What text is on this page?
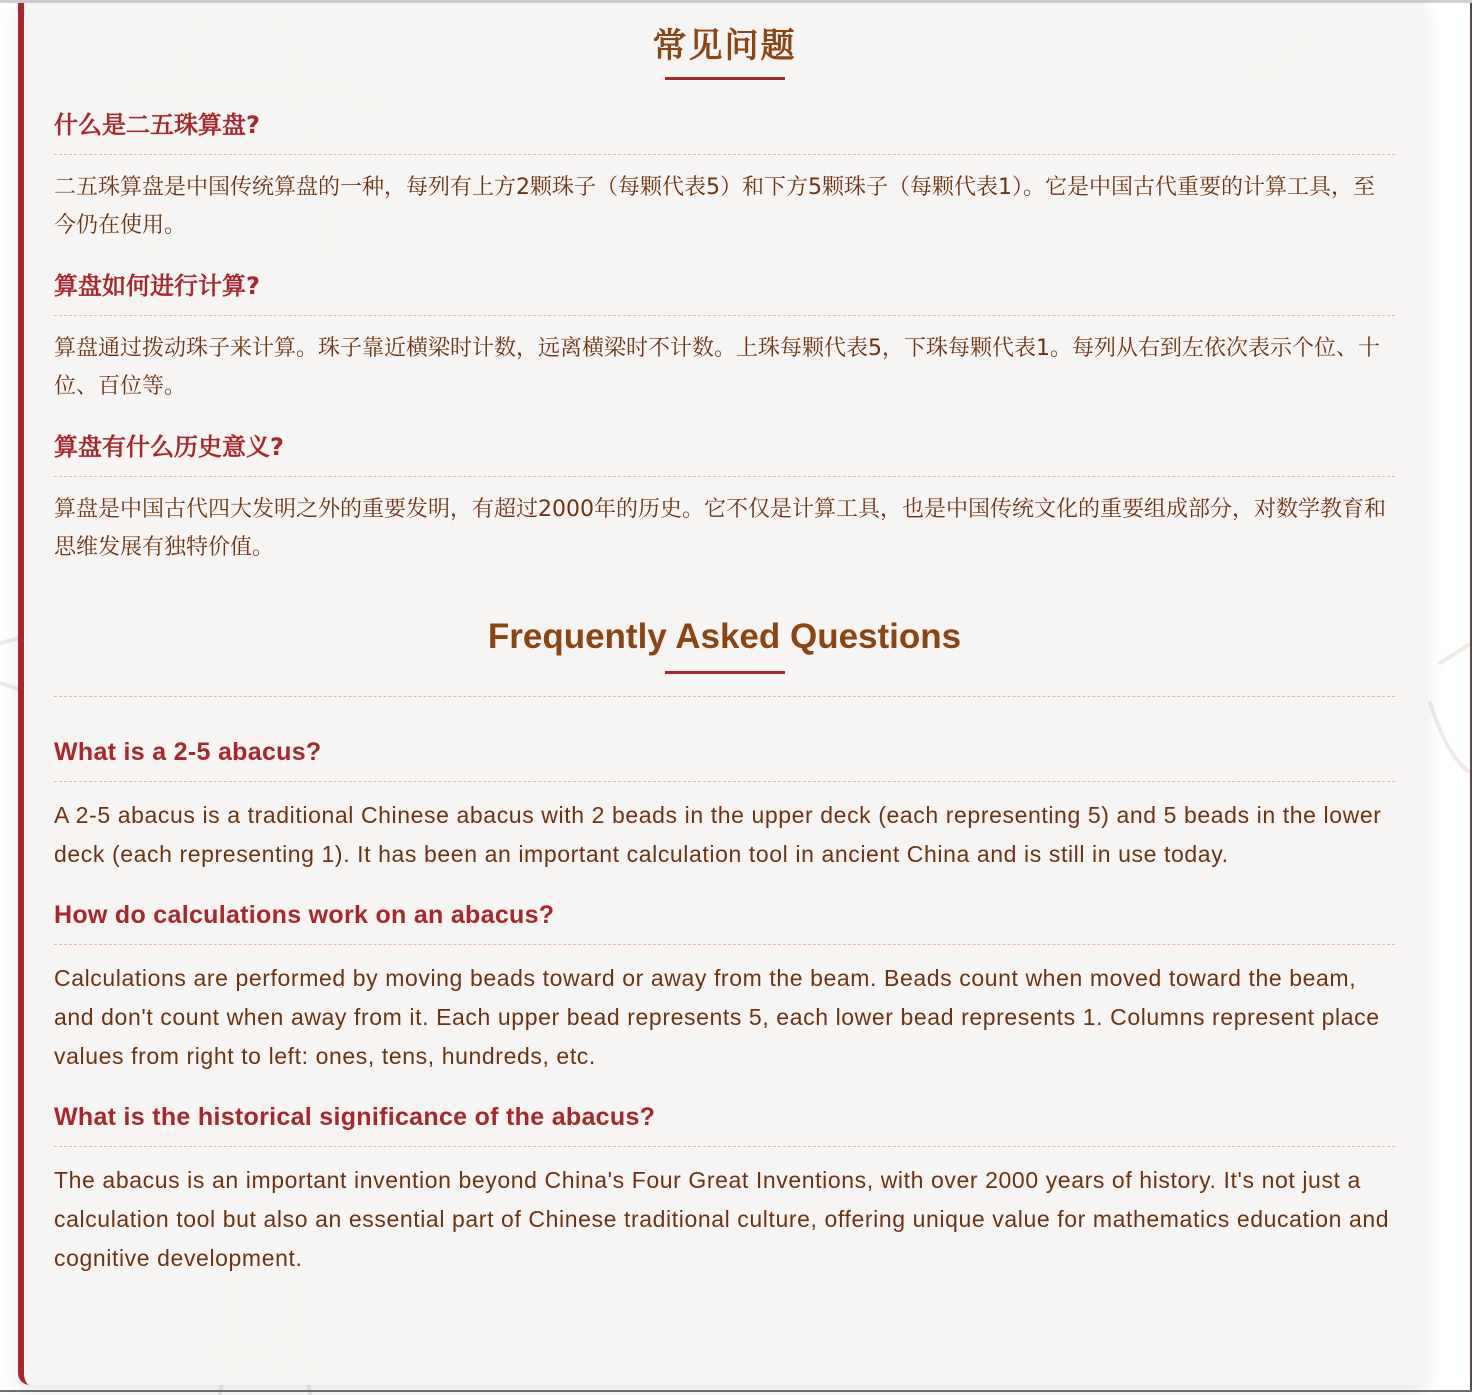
常见问题
什么是二五珠算盘?

二五珠算盘是中国传统算盘的一种，每列有上方2颗珠子（每颗代表5）和下方5颗珠子（每颗代表1）。它是中国古代重要的计算工具，至今仍在使用。

算盘如何进行计算?

算盘通过拨动珠子来计算。珠子靠近横梁时计数，远离横梁时不计数。上珠每颗代表5，下珠每颗代表1。每列从右到左依次表示个位、十位、百位等。

算盘有什么历史意义?

算盘是中国古代四大发明之外的重要发明，有超过2000年的历史。它不仅是计算工具，也是中国传统文化的重要组成部分，对数学教育和思维发展有独特价值。

Frequently Asked Questions
What is a 2-5 abacus?

A 2-5 abacus is a traditional Chinese abacus with 2 beads in the upper deck (each representing 5) and 5 beads in the lower deck (each representing 1). It has been an important calculation tool in ancient China and is still in use today.

How do calculations work on an abacus?

Calculations are performed by moving beads toward or away from the beam. Beads count when moved toward the beam, and don't count when away from it. Each upper bead represents 5, each lower bead represents 1. Columns represent place values from right to left: ones, tens, hundreds, etc.

What is the historical significance of the abacus?

The abacus is an important invention beyond China's Four Great Inventions, with over 2000 years of history. It's not just a calculation tool but also an essential part of Chinese traditional culture, offering unique value for mathematics education and cognitive development.
